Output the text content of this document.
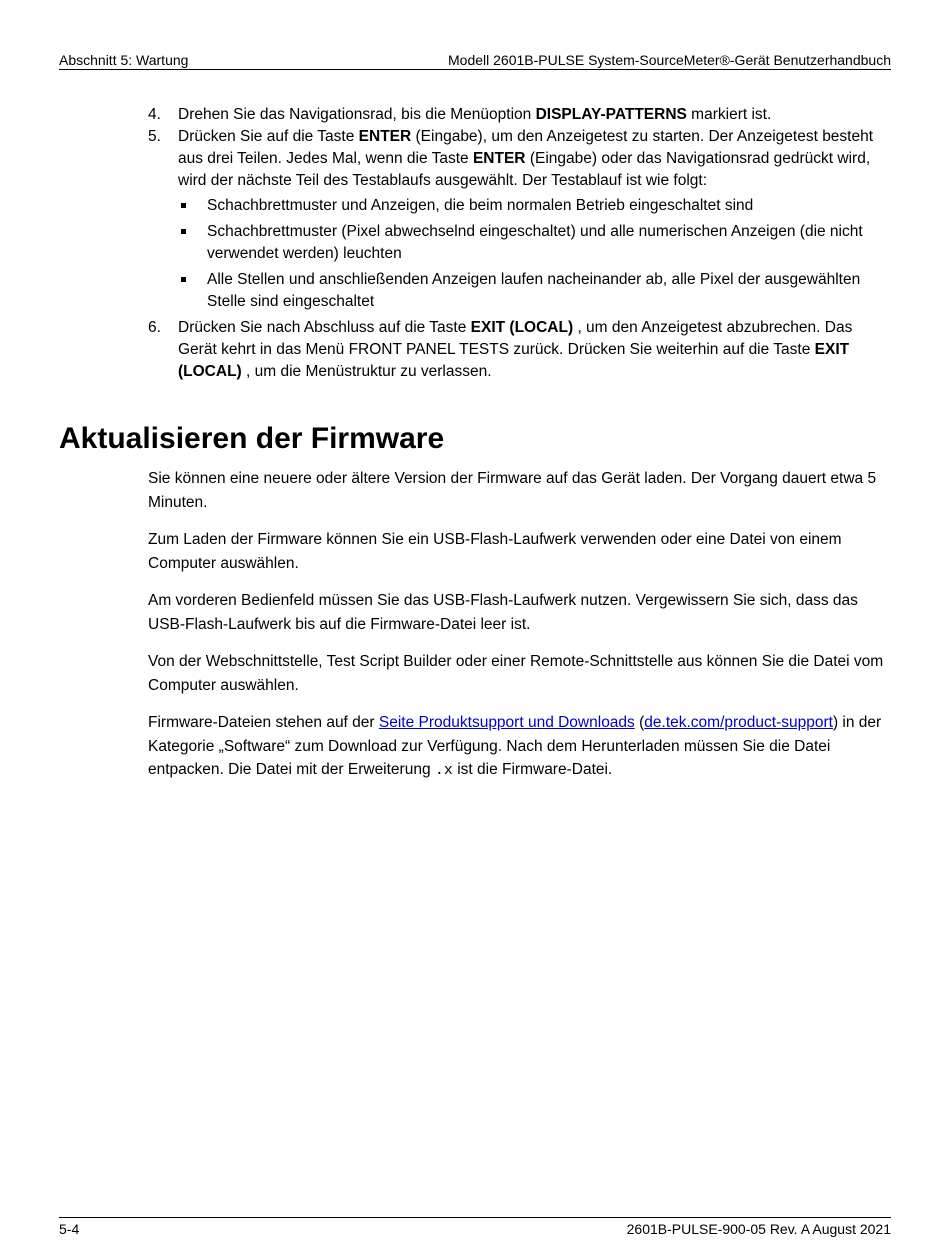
Abschnitt 5: Wartung	Modell 2601B-PULSE System-SourceMeter®-Gerät Benutzerhandbuch
4. Drehen Sie das Navigationsrad, bis die Menüoption DISPLAY-PATTERNS markiert ist.
5. Drücken Sie auf die Taste ENTER (Eingabe), um den Anzeigetest zu starten. Der Anzeigetest besteht aus drei Teilen. Jedes Mal, wenn die Taste ENTER (Eingabe) oder das Navigationsrad gedrückt wird, wird der nächste Teil des Testablaufs ausgewählt. Der Testablauf ist wie folgt:
Schachbrettmuster und Anzeigen, die beim normalen Betrieb eingeschaltet sind
Schachbrettmuster (Pixel abwechselnd eingeschaltet) und alle numerischen Anzeigen (die nicht verwendet werden) leuchten
Alle Stellen und anschließenden Anzeigen laufen nacheinander ab, alle Pixel der ausgewählten Stelle sind eingeschaltet
6. Drücken Sie nach Abschluss auf die Taste EXIT (LOCAL) , um den Anzeigetest abzubrechen. Das Gerät kehrt in das Menü FRONT PANEL TESTS zurück. Drücken Sie weiterhin auf die Taste EXIT (LOCAL) , um die Menüstruktur zu verlassen.
Aktualisieren der Firmware

Sie können eine neuere oder ältere Version der Firmware auf das Gerät laden. Der Vorgang dauert etwa 5 Minuten.

Zum Laden der Firmware können Sie ein USB-Flash-Laufwerk verwenden oder eine Datei von einem Computer auswählen.

Am vorderen Bedienfeld müssen Sie das USB-Flash-Laufwerk nutzen. Vergewissern Sie sich, dass das USB-Flash-Laufwerk bis auf die Firmware-Datei leer ist.

Von der Webschnittstelle, Test Script Builder oder einer Remote-Schnittstelle aus können Sie die Datei vom Computer auswählen.

Firmware-Dateien stehen auf der Seite Produktsupport und Downloads (de.tek.com/product-support) in der Kategorie „Software“ zum Download zur Verfügung. Nach dem Herunterladen müssen Sie die Datei entpacken. Die Datei mit der Erweiterung .x ist die Firmware-Datei.

5-4	2601B-PULSE-900-05 Rev. A August 2021
